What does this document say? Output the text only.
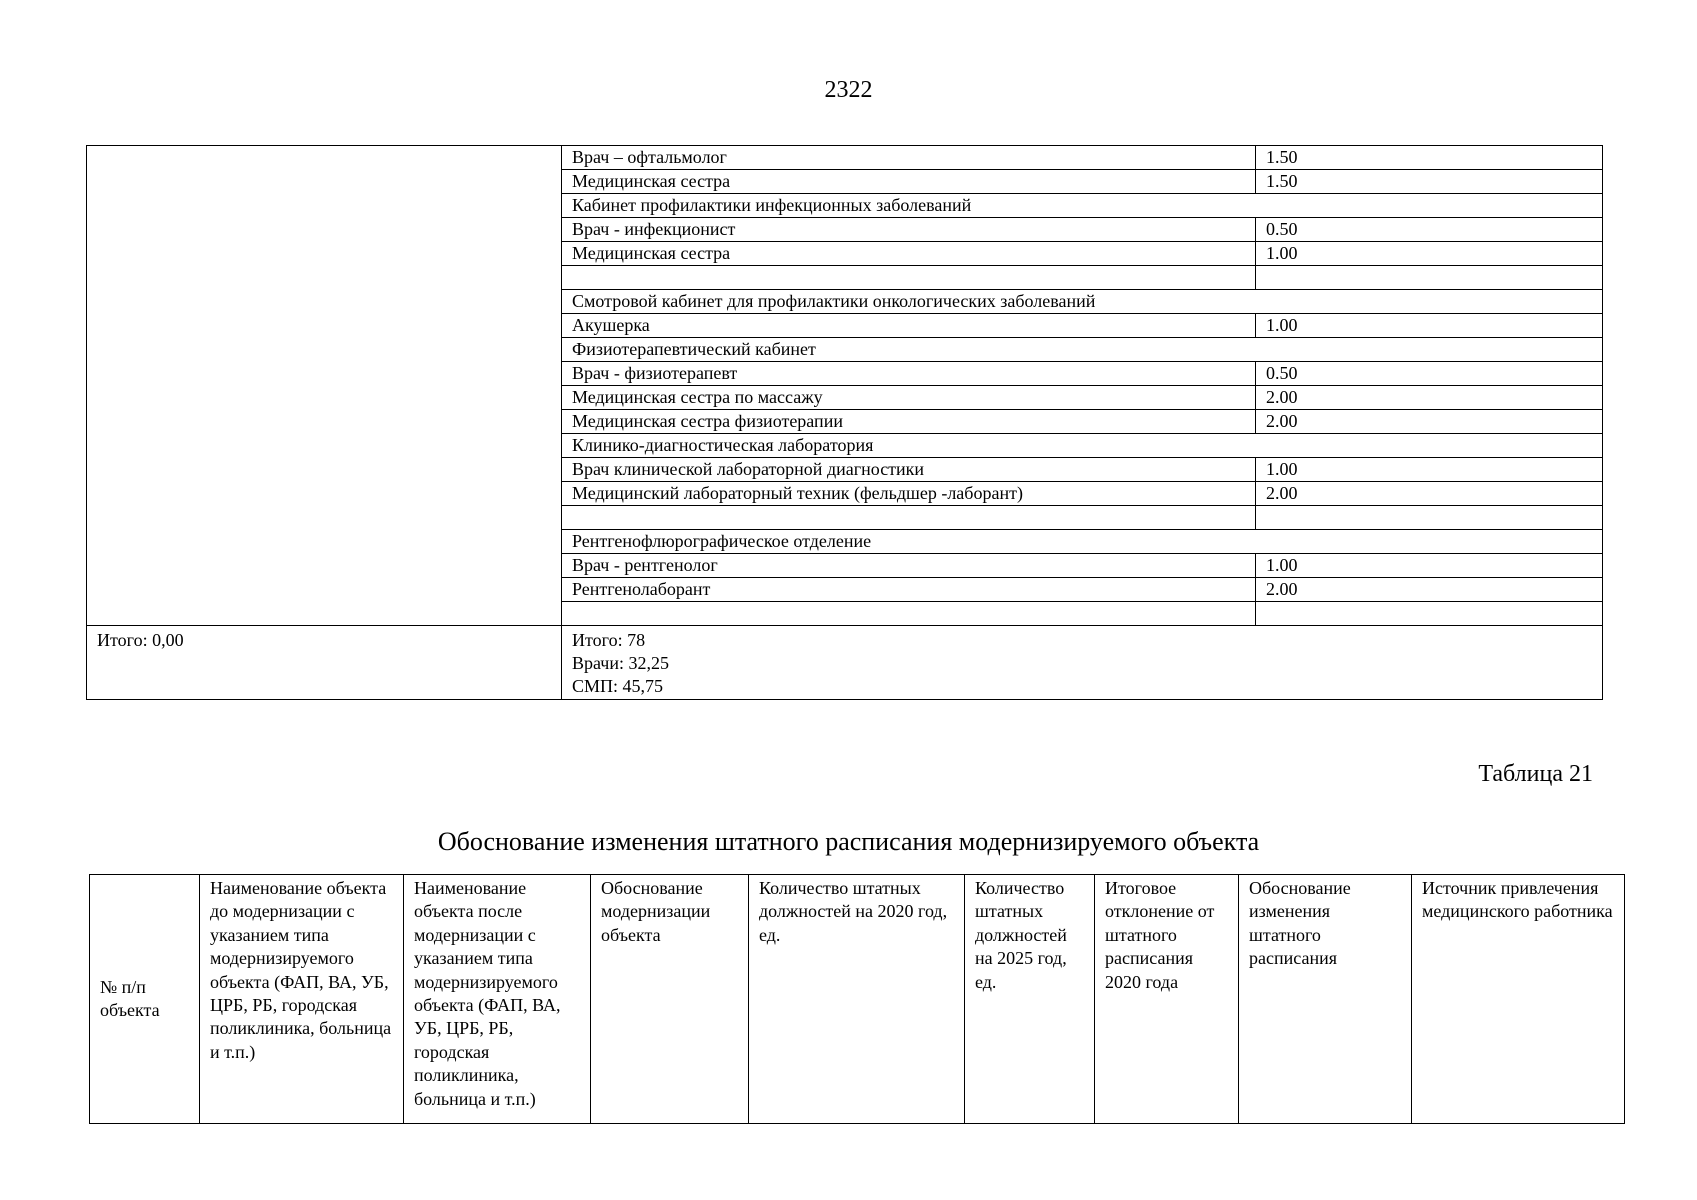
2322
	Врач – офтальмолог	1.50
	Медицинская сестра	1.50
	Кабинет профилактики инфекционных заболеваний	
	Врач - инфекционист	0.50
	Медицинская сестра	1.00

	Смотровой кабинет для профилактики онкологических заболеваний	
	Акушерка	1.00
	Физиотерапевтический кабинет	
	Врач - физиотерапевт	0.50
	Медицинская сестра по массажу	2.00
	Медицинская сестра физиотерапии	2.00
	Клинико-диагностическая лаборатория	
	Врач клинической лабораторной диагностики	1.00
	Медицинский лабораторный техник (фельдшер -лаборант)	2.00

	Рентгенофлюрографическое отделение	
	Врач - рентгенолог	1.00
	Рентгенолаборант	2.00

Итого: 0,00	Итого: 78
Врачи: 32,25
СМП: 45,75	
Таблица 21
Обоснование изменения штатного расписания модернизируемого объекта
№ п/п объекта	Наименование объекта до модернизации с указанием типа модернизируемого объекта (ФАП, ВА, УБ, ЦРБ, РБ, городская поликлиника, больница и т.п.)	Наименование объекта после модернизации с указанием типа модернизируемого объекта (ФАП, ВА, УБ, ЦРБ, РБ, городская поликлиника, больница и т.п.)	Обоснование модернизации объекта	Количество штатных должностей на 2020 год, ед.	Количество штатных должностей на 2025 год, ед.	Итоговое отклонение от штатного расписания 2020 года	Обоснование изменения штатного расписания	Источник привлечения медицинского работника
